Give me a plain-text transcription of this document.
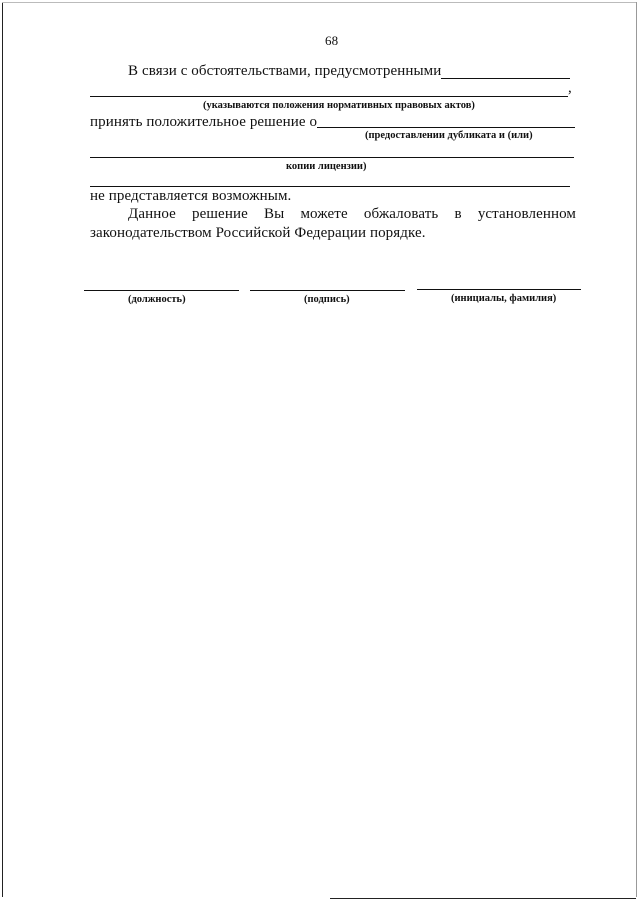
68
В связи с обстоятельствами, предусмотренными
,
(указываются положения нормативных правовых актов)
принять положительное решение о
(предоставлении дубликата и (или)
копии лицензии)
не представляется возможным.
Данное решение Вы можете обжаловать в установленном
законодательством Российской Федерации порядке.
(должность)	(подпись)	(инициалы, фамилия)
